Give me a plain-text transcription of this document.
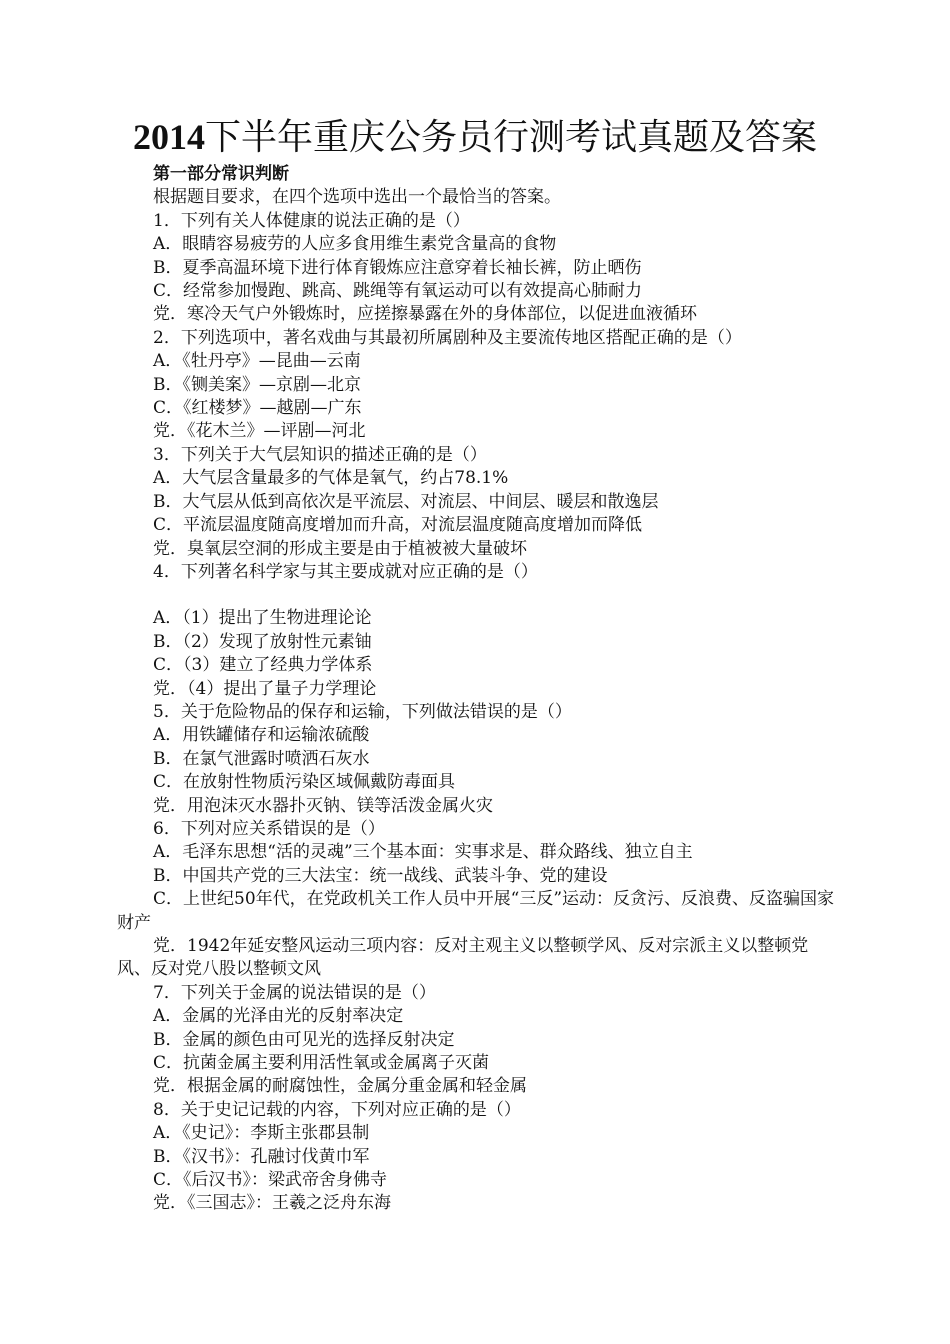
2014下半年重庆公务员行测考试真题及答案
第一部分常识判断
根据题目要求，在四个选项中选出一个最恰当的答案。
1．下列有关人体健康的说法正确的是（）
A．眼睛容易疲劳的人应多食用维生素党含量高的食物
B．夏季高温环境下进行体育锻炼应注意穿着长袖长裤，防止晒伤
C．经常参加慢跑、跳高、跳绳等有氧运动可以有效提高心肺耐力
党．寒冷天气户外锻炼时，应搓擦暴露在外的身体部位，以促进血液循环
2．下列选项中，著名戏曲与其最初所属剧种及主要流传地区搭配正确的是（）
A．《牡丹亭》—昆曲—云南
B．《铡美案》—京剧—北京
C．《红楼梦》—越剧—广东
党．《花木兰》—评剧—河北
3．下列关于大气层知识的描述正确的是（）
A．大气层含量最多的气体是氧气，约占78.1%
B．大气层从低到高依次是平流层、对流层、中间层、暖层和散逸层
C．平流层温度随高度增加而升高，对流层温度随高度增加而降低
党．臭氧层空洞的形成主要是由于植被被大量破坏
4．下列著名科学家与其主要成就对应正确的是（）
A．（1）提出了生物进理论论
B．（2）发现了放射性元素铀
C．（3）建立了经典力学体系
党．（4）提出了量子力学理论
5．关于危险物品的保存和运输，下列做法错误的是（）
A．用铁罐储存和运输浓硫酸
B．在氯气泄露时喷洒石灰水
C．在放射性物质污染区域佩戴防毒面具
党．用泡沫灭水器扑灭钠、镁等活泼金属火灾
6．下列对应关系错误的是（）
A．毛泽东思想“活的灵魂”三个基本面：实事求是、群众路线、独立自主
B．中国共产党的三大法宝：统一战线、武装斗争、党的建设
C．上世纪50年代，在党政机关工作人员中开展“三反”运动：反贪污、反浪费、反盗骗国家财产
党．1942年延安整风运动三项内容：反对主观主义以整顿学风、反对宗派主义以整顿党风、反对党八股以整顿文风
7．下列关于金属的说法错误的是（）
A．金属的光泽由光的反射率决定
B．金属的颜色由可见光的选择反射决定
C．抗菌金属主要利用活性氧或金属离子灭菌
党．根据金属的耐腐蚀性，金属分重金属和轻金属
8．关于史记记载的内容，下列对应正确的是（）
A．《史记》：李斯主张郡县制
B．《汉书》：孔融讨伐黄巾军
C．《后汉书》：梁武帝舍身佛寺
党．《三国志》：王羲之泛舟东海
